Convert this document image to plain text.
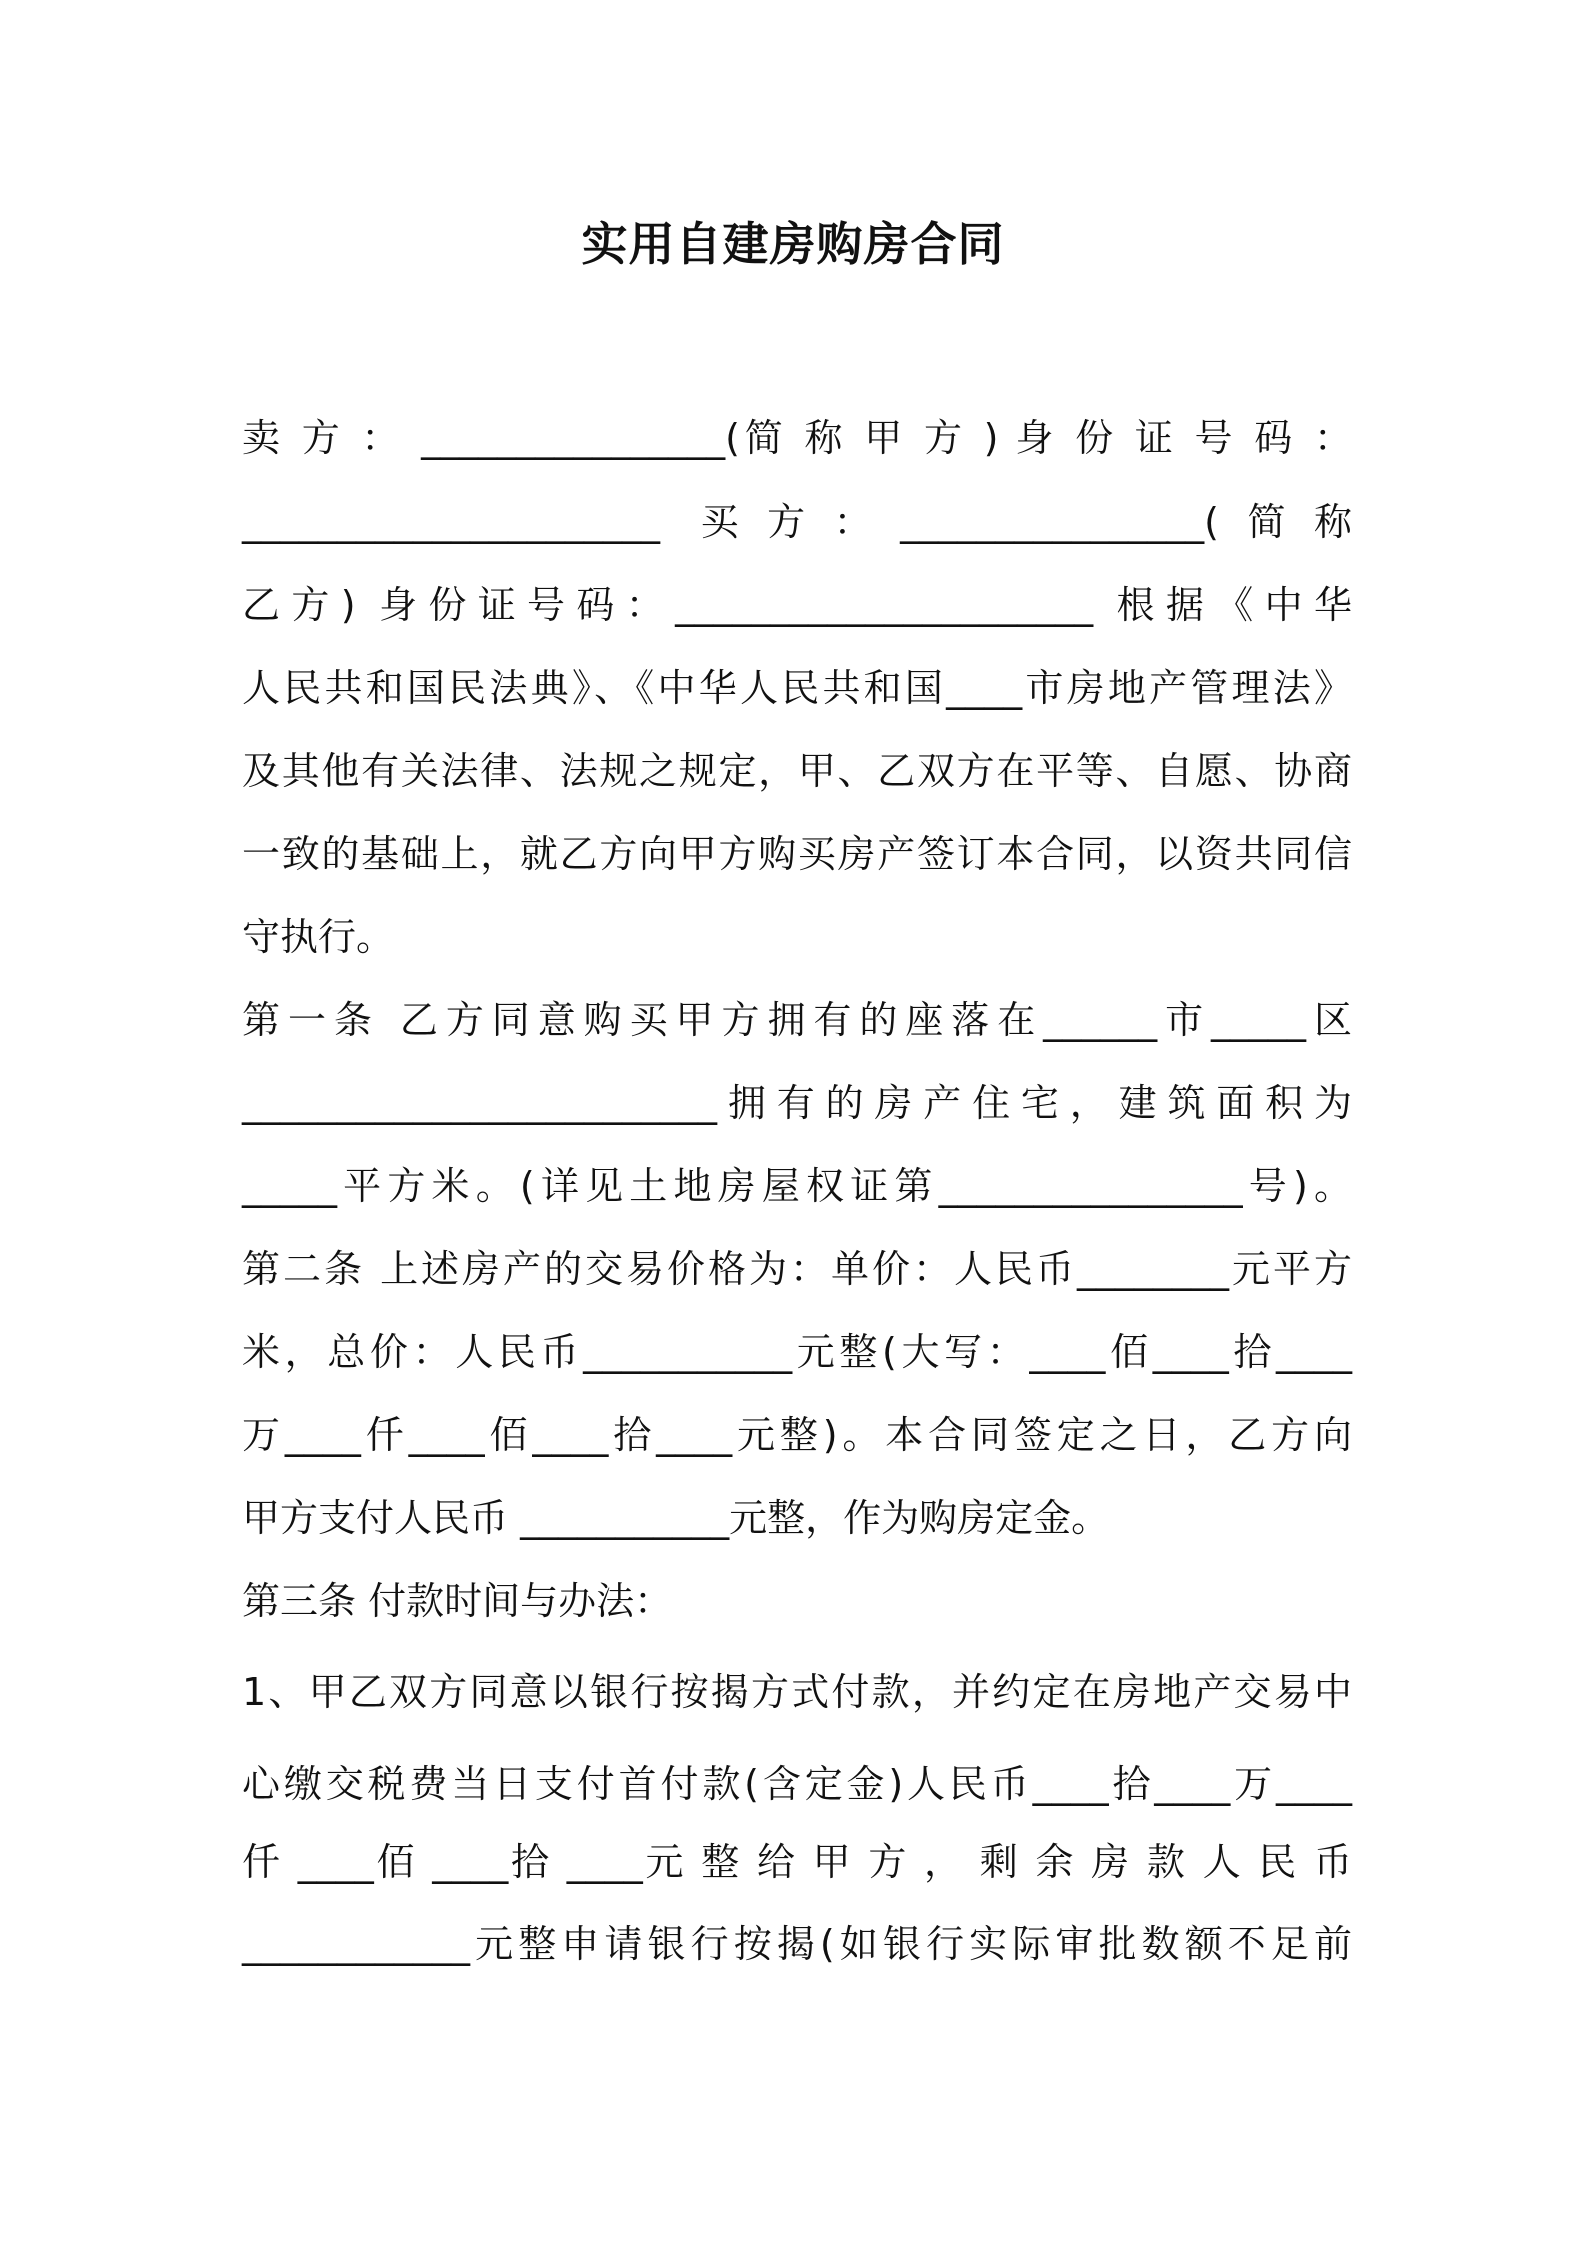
实用自建房购房合同
卖 方 ： ________________(简 称 甲 方 ) 身 份 证 号 码 ：
______________________ 买方：________________(简称
乙方) 身份证号码：______________________ 根据《中华
人民共和国民法典》、《中华人民共和国____市房地产管理法》
及其他有关法律、法规之规定，甲、乙双方在平等、自愿、协商
一致的基础上，就乙方向甲方购买房产签订本合同，以资共同信
守执行。
第一条 乙方同意购买甲方拥有的座落在______市_____区
_________________________拥有的房产住宅，建筑面积为
_____平方米。(详见土地房屋权证第________________号)。
第二条 上述房产的交易价格为：单价：人民币________元平方
米，总价：人民币___________元整(大写：____佰____拾____
万____仟____佰____拾____元整)。本合同签定之日，乙方向
甲方支付人民币 ___________元整，作为购房定金。
第三条 付款时间与办法：
1、甲乙双方同意以银行按揭方式付款，并约定在房地产交易中
心缴交税费当日支付首付款(含定金)人民币____拾____万____
仟 ____佰 ____拾 ____元 整 给 甲 方 ， 剩 余 房 款 人 民 币
____________元整申请银行按揭(如银行实际审批数额不足前
